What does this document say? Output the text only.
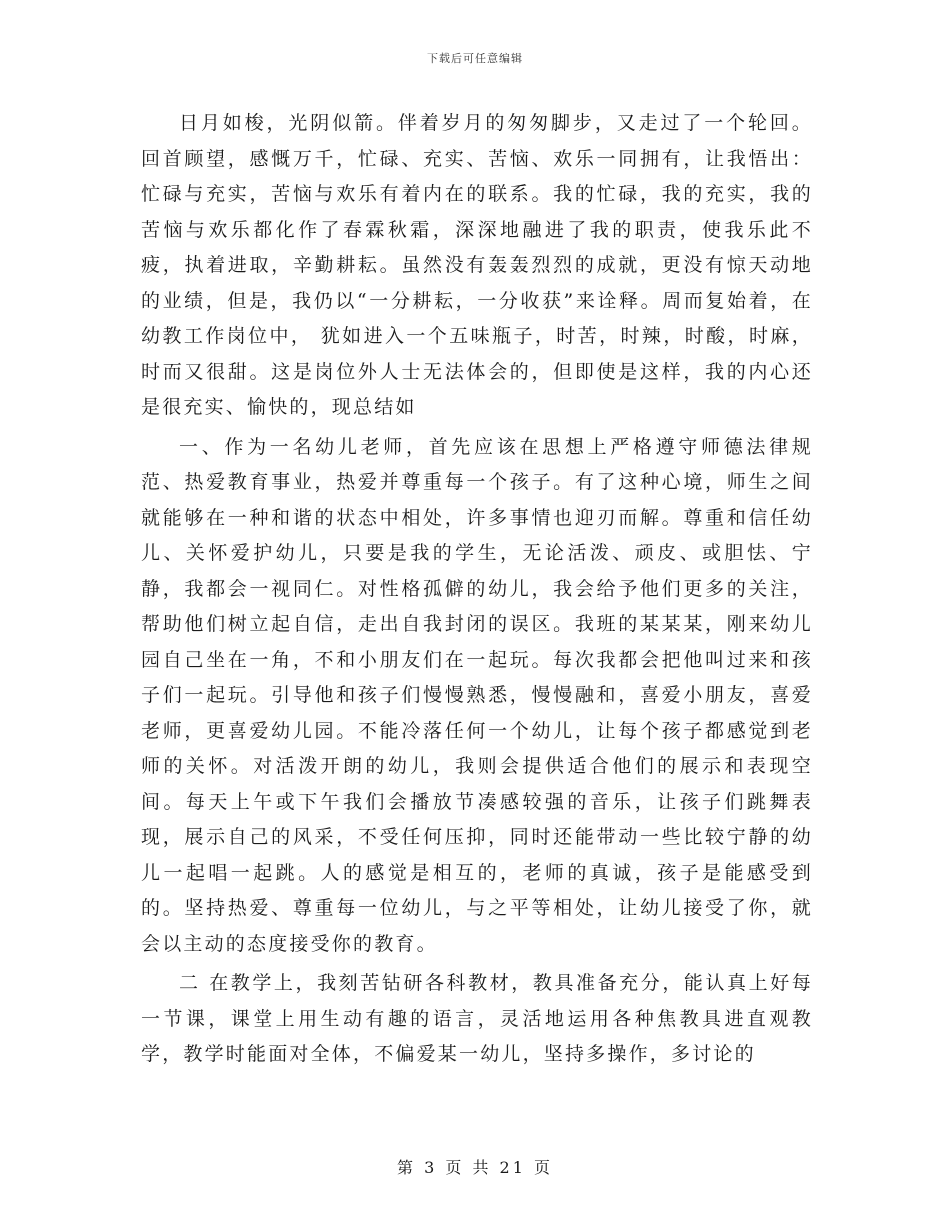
下载后可任意编辑

日月如梭，光阴似箭。伴着岁月的匆匆脚步，又走过了一个轮回。回首顾望，感慨万千，忙碌、充实、苦恼、欢乐一同拥有，让我悟出：忙碌与充实，苦恼与欢乐有着内在的联系。我的忙碌，我的充实，我的苦恼与欢乐都化作了春霖秋霜，深深地融进了我的职责，使我乐此不疲，执着进取，辛勤耕耘。虽然没有轰轰烈烈的成就，更没有惊天动地的业绩，但是，我仍以“一分耕耘，一分收获”来诠释。周而复始着，在幼教工作岗位中， 犹如进入一个五味瓶子，时苦，时辣，时酸，时麻，时而又很甜。这是岗位外人士无法体会的，但即使是这样，我的内心还是很充实、愉快的，现总结如

一、作为一名幼儿老师，首先应该在思想上严格遵守师德法律规范、热爱教育事业，热爱并尊重每一个孩子。有了这种心境，师生之间就能够在一种和谐的状态中相处，许多事情也迎刃而解。尊重和信任幼儿、关怀爱护幼儿，只要是我的学生，无论活泼、顽皮、或胆怯、宁静，我都会一视同仁。对性格孤僻的幼儿，我会给予他们更多的关注，帮助他们树立起自信，走出自我封闭的误区。我班的某某某，刚来幼儿园自己坐在一角，不和小朋友们在一起玩。每次我都会把他叫过来和孩子们一起玩。引导他和孩子们慢慢熟悉，慢慢融和，喜爱小朋友，喜爱老师，更喜爱幼儿园。不能冷落任何一个幼儿，让每个孩子都感觉到老师的关怀。对活泼开朗的幼儿，我则会提供适合他们的展示和表现空间。每天上午或下午我们会播放节凑感较强的音乐，让孩子们跳舞表现，展示自己的风采，不受任何压抑，同时还能带动一些比较宁静的幼儿一起唱一起跳。人的感觉是相互的，老师的真诚，孩子是能感受到的。坚持热爱、尊重每一位幼儿，与之平等相处，让幼儿接受了你，就会以主动的态度接受你的教育。

二 在教学上，我刻苦钻研各科教材，教具准备充分，能认真上好每一节课，课堂上用生动有趣的语言，灵活地运用各种焦教具进直观教学，教学时能面对全体，不偏爱某一幼儿，坚持多操作，多讨论的

第 3 页 共 21 页
